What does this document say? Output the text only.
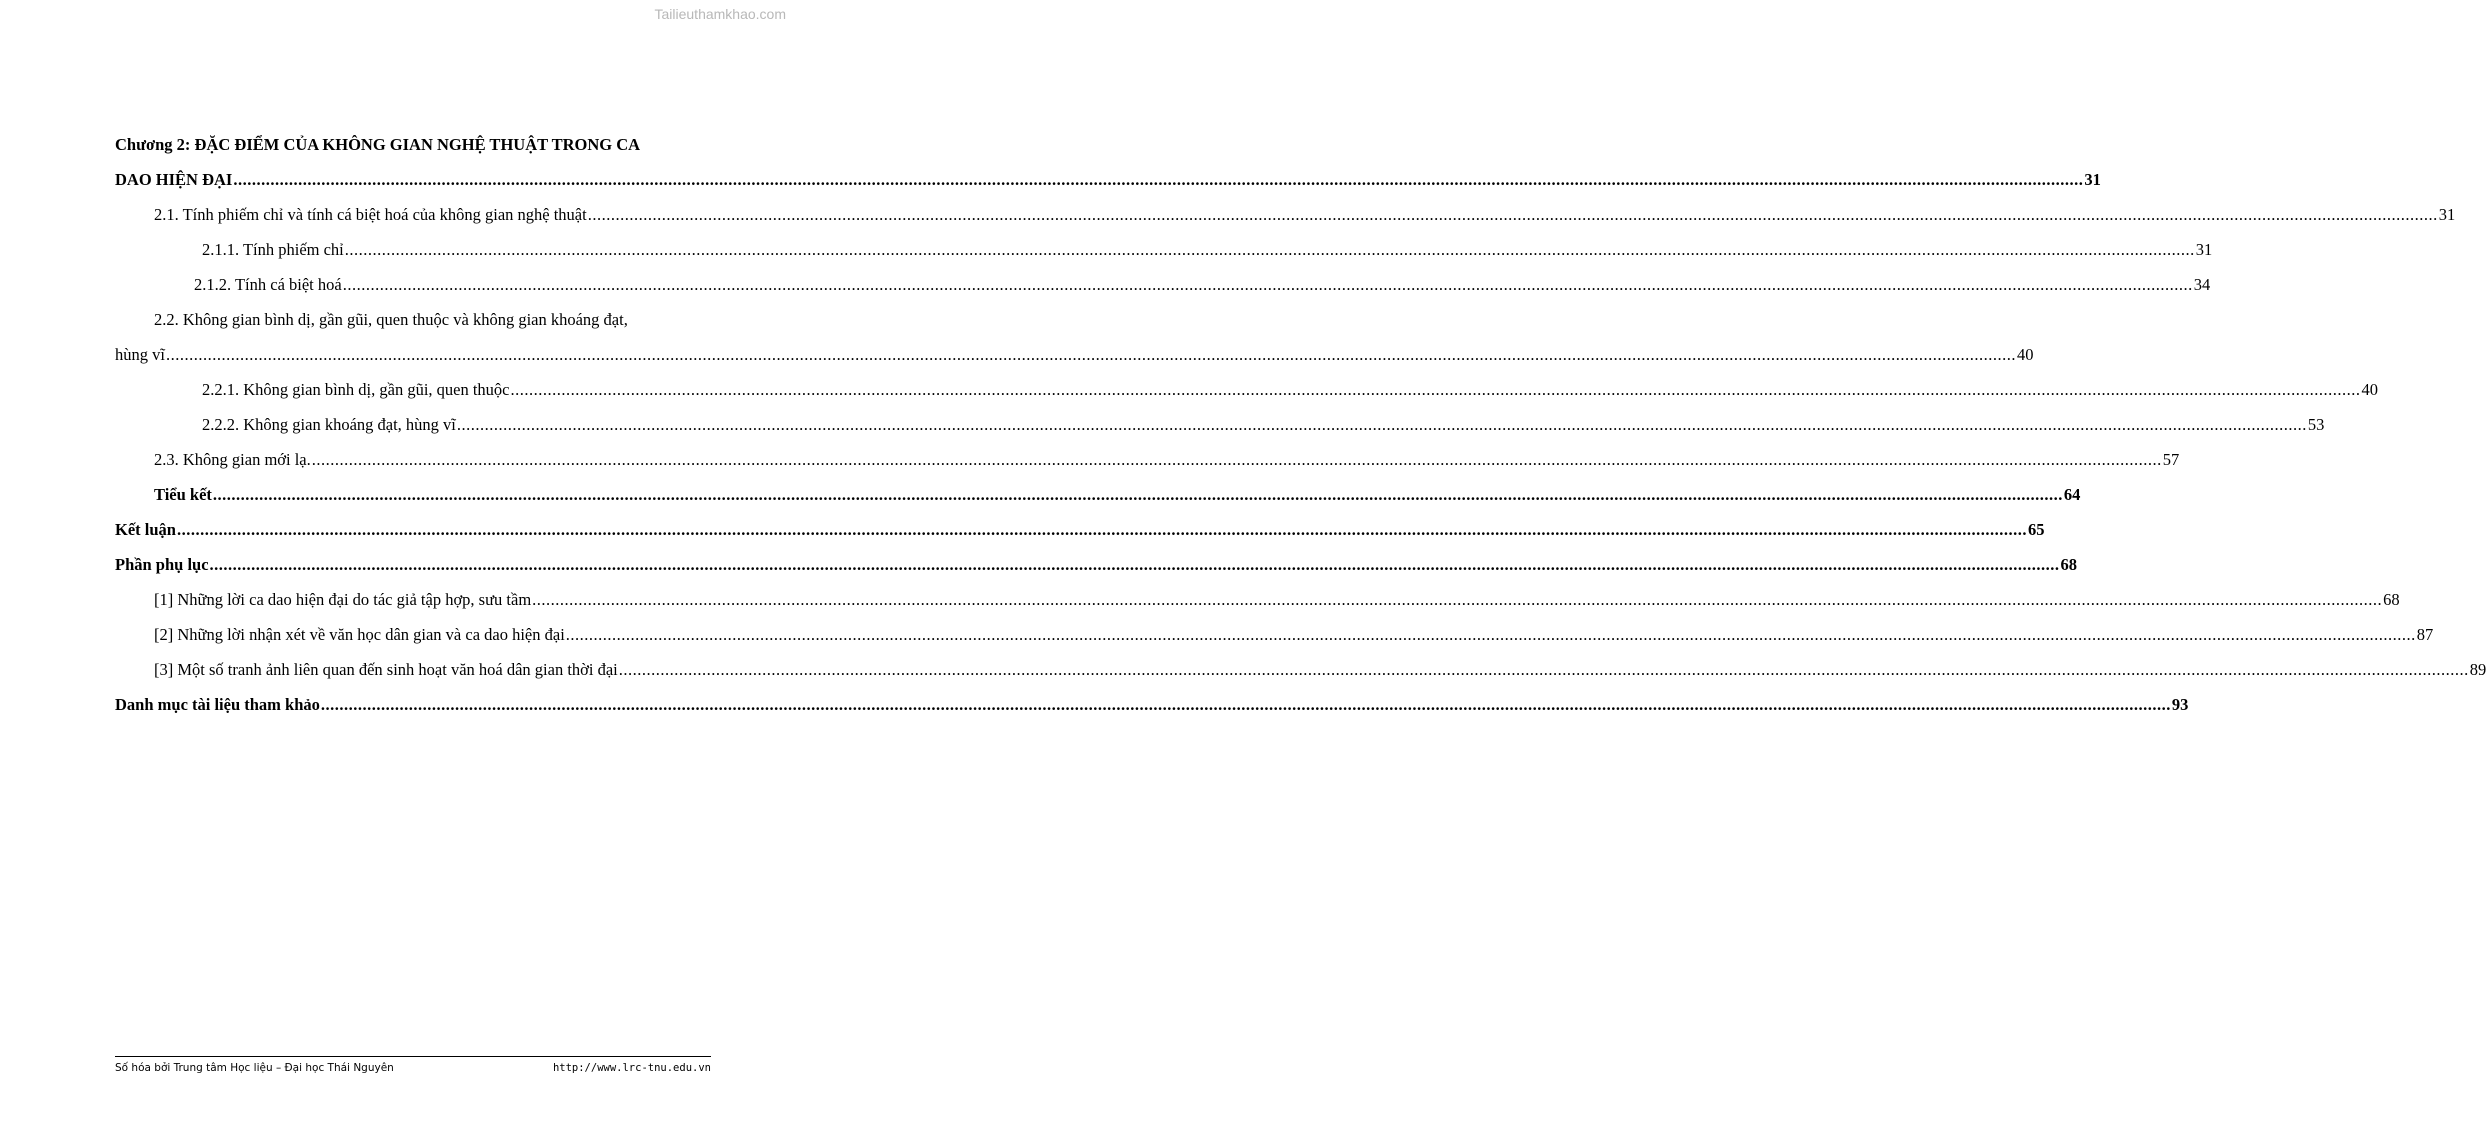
Tailieuthamkhao.com
Chương 2: ĐẶC ĐIỂM CỦA KHÔNG GIAN NGHỆ THUẬT TRONG CA
DAO HIỆN ĐẠI ................................................................................................................................................................................................................................................................................................................................................................................................................ 31
2.1. Tính phiếm chỉ và tính cá biệt hoá của không gian nghệ thuật ................................................................................................................................................................................................................................................................................................................................................................................................................ 31
2.1.1. Tính phiếm chỉ ................................................................................................................................................................................................................................................................................................................................................................................................................ 31
2.1.2. Tính cá biệt hoá ................................................................................................................................................................................................................................................................................................................................................................................................................ 34
2.2. Không gian bình dị, gần gũi, quen thuộc và không gian khoáng đạt,
hùng vĩ ................................................................................................................................................................................................................................................................................................................................................................................................................ 40
2.2.1. Không gian bình dị, gần gũi, quen thuộc ................................................................................................................................................................................................................................................................................................................................................................................................................ 40
2.2.2. Không gian khoáng đạt, hùng vĩ ................................................................................................................................................................................................................................................................................................................................................................................................................ 53
2.3. Không gian mới lạ. ................................................................................................................................................................................................................................................................................................................................................................................................................ 57
Tiểu kết ................................................................................................................................................................................................................................................................................................................................................................................................................ 64
Kết luận ................................................................................................................................................................................................................................................................................................................................................................................................................ 65
Phần phụ lục ................................................................................................................................................................................................................................................................................................................................................................................................................ 68
[1] Những lời ca dao hiện đại do tác giả tập hợp, sưu tầm ................................................................................................................................................................................................................................................................................................................................................................................................................ 68
[2] Những lời nhận xét về văn học dân gian và ca dao hiện đại ................................................................................................................................................................................................................................................................................................................................................................................................................ 87
[3] Một số tranh ảnh liên quan đến sinh hoạt văn hoá dân gian thời đại ................................................................................................................................................................................................................................................................................................................................................................................................................ 89
Danh mục tài liệu tham khảo ................................................................................................................................................................................................................................................................................................................................................................................................................ 93
Số hóa bởi Trung tâm Học liệu – Đại học Thái Nguyên	http://www.lrc-tnu.edu.vn
